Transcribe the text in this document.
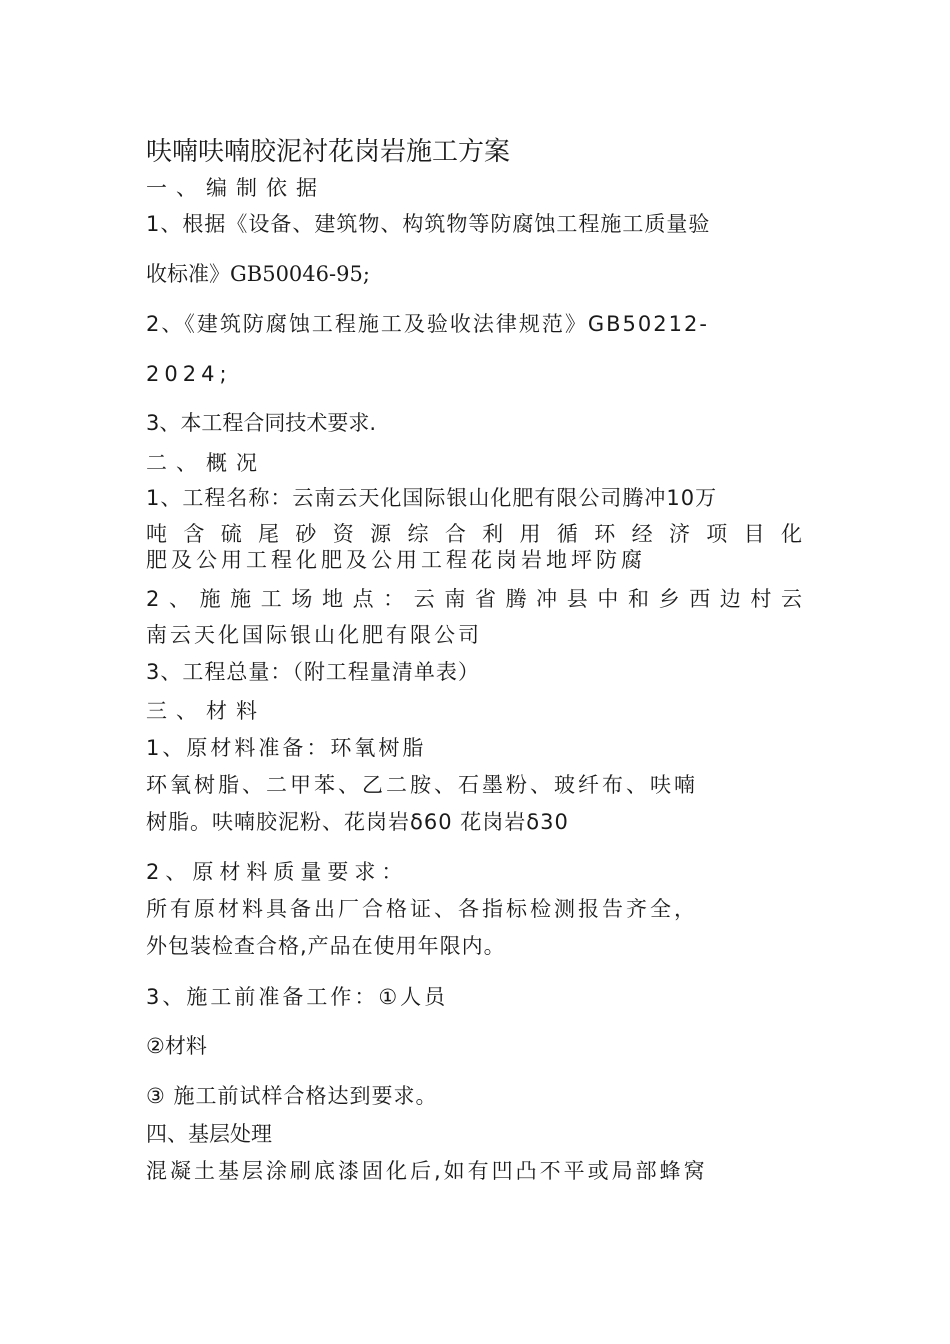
呋喃呋喃胶泥衬花岗岩施工方案
一、编制依据
1、根据《设备、建筑物、构筑物等防腐蚀工程施工质量验
收标准》GB50046-95;
2、《建筑防腐蚀工程施工及验收法律规范》GB50212-
2024;
3、本工程合同技术要求.
二、概况
1、工程名称：云南云天化国际银山化肥有限公司腾冲10万
吨含硫尾砂资源综合利用循环经济项目化
肥及公用工程化肥及公用工程花岗岩地坪防腐
2、施施工场地点：云南省腾冲县中和乡西边村云
南云天化国际银山化肥有限公司
3、工程总量：（附工程量清单表）
三、材料
1、原材料准备：环氧树脂
环氧树脂、二甲苯、乙二胺、石墨粉、玻纤布、呋喃
树脂。呋喃胶泥粉、花岗岩δ60 花岗岩δ30
2、原材料质量要求：
所有原材料具备出厂合格证、各指标检测报告齐全，
外包装检查合格,产品在使用年限内。
3、施工前准备工作：①人员
②材料
③ 施工前试样合格达到要求。
四、基层处理
混凝土基层涂刷底漆固化后,如有凹凸不平或局部蜂窝
